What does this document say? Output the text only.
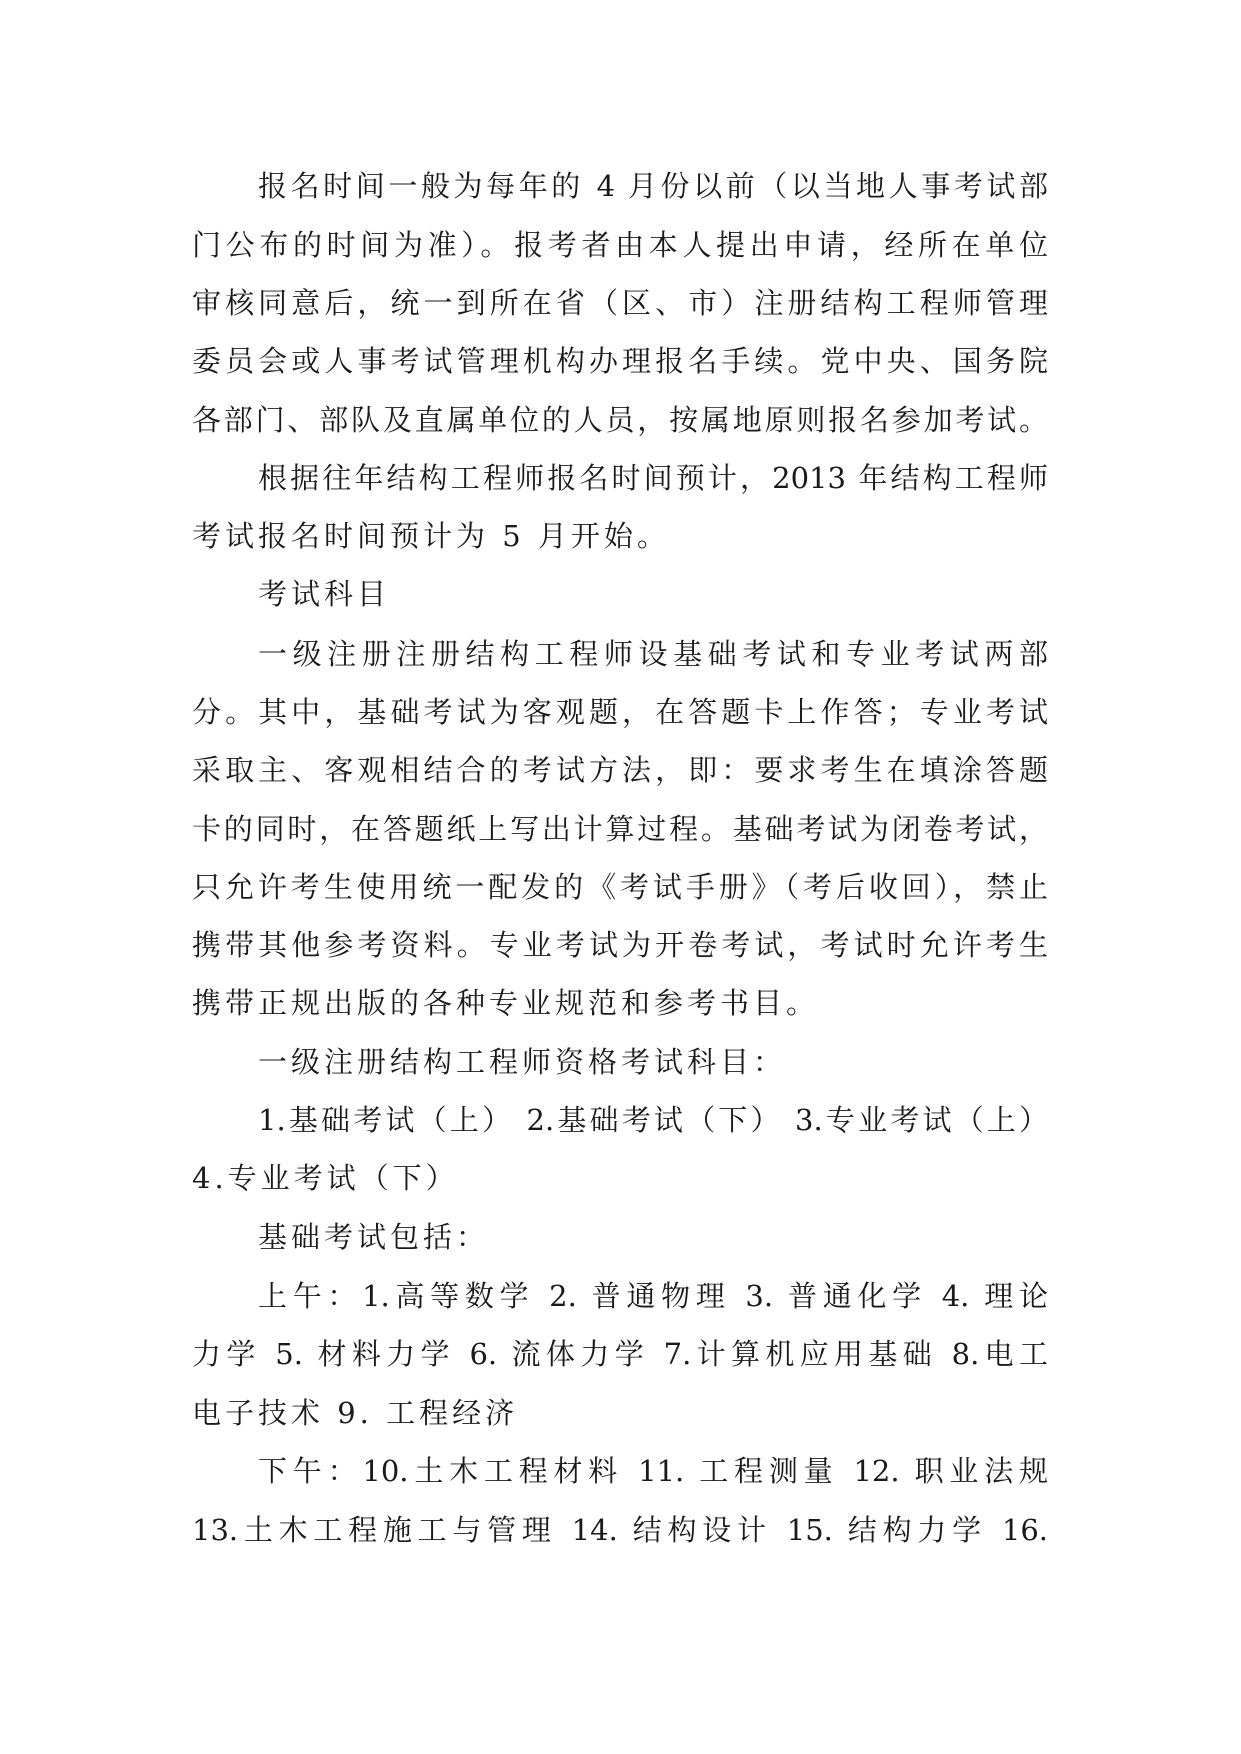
报名时间一般为每年的 4 月份以前（以当地人事考试部
门公布的时间为准）。报考者由本人提出申请，经所在单位
审核同意后，统一到所在省（区、市）注册结构工程师管理
委员会或人事考试管理机构办理报名手续。党中央、国务院
各部门、部队及直属单位的人员，按属地原则报名参加考试。
根据往年结构工程师报名时间预计，2013 年结构工程师
考试报名时间预计为 5 月开始。
考试科目
一级注册注册结构工程师设基础考试和专业考试两部
分。其中，基础考试为客观题，在答题卡上作答；专业考试
采取主、客观相结合的考试方法，即：要求考生在填涂答题
卡的同时，在答题纸上写出计算过程。基础考试为闭卷考试，
只允许考生使用统一配发的《考试手册》（考后收回），禁止
携带其他参考资料。专业考试为开卷考试，考试时允许考生
携带正规出版的各种专业规范和参考书目。
一级注册结构工程师资格考试科目：
1.基础考试（上） 2.基础考试（下） 3.专业考试（上）
4.专业考试（下）
基础考试包括：
上午：1.高等数学 2. 普通物理 3. 普通化学 4. 理论
力学 5. 材料力学 6. 流体力学 7.计算机应用基础 8.电工
电子技术 9. 工程经济
下午：10.土木工程材料 11. 工程测量 12. 职业法规
13.土木工程施工与管理 14. 结构设计 15. 结构力学 16.
